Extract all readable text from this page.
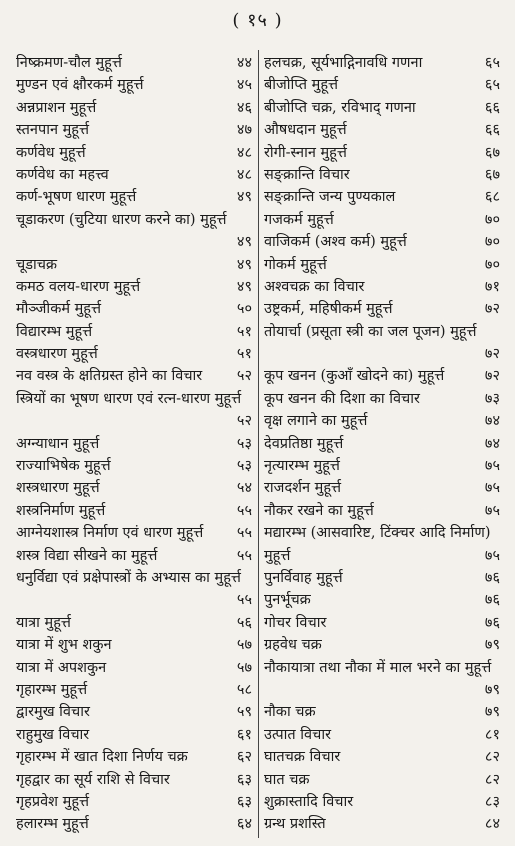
( १५ )
निष्क्रमण-चौल मुहूर्त्त	४४
मुण्डन एवं क्षौरकर्म मुहूर्त्त	४५
अन्नप्राशन मुहूर्त्त	४६
स्तनपान मुहूर्त्त	४७
कर्णवेध मुहूर्त्त	४८
कर्णवेध का महत्त्व	४८
कर्ण-भूषण धारण मुहूर्त्त	४९
चूडाकरण (चुटिया धारण करने का) मुहूर्त्त
४९
चूडाचक्र	४९
कमठ वलय-धारण मुहूर्त्त	४९
मौञ्जीकर्म मुहूर्त्त	५०
विद्यारम्भ मुहूर्त्त	५१
वस्त्रधारण मुहूर्त्त	५१
नव वस्त्र के क्षतिग्रस्त होने का विचार	५२
स्त्रियों का भूषण धारण एवं रत्न-धारण मुहूर्त्त
५२
अग्न्याधान मुहूर्त्त	५३
राज्याभिषेक मुहूर्त्त	५३
शस्त्रधारण मुहूर्त्त	५४
शस्त्रनिर्माण मुहूर्त्त	५५
आग्नेयशास्त्र निर्माण एवं धारण मुहूर्त्त	५५
शस्त्र विद्या सीखने का मुहूर्त्त	५५
धनुर्विद्या एवं प्रक्षेपास्त्रों के अभ्यास का मुहूर्त्त
५५
यात्रा मुहूर्त्त	५६
यात्रा में शुभ शकुन	५७
यात्रा में अपशकुन	५७
गृहारम्भ मुहूर्त्त	५८
द्वारमुख विचार	५९
राहुमुख विचार	६१
गृहारम्भ में खात दिशा निर्णय चक्र	६२
गृहद्वार का सूर्य राशि से विचार	६३
गृहप्रवेश मुहूर्त्त	६३
हलारम्भ मुहूर्त्त	६४
हलचक्र, सूर्यभाद्गिनावधि गणना	६५
बीजोप्ति मुहूर्त्त	६५
बीजोप्ति चक्र, रविभाद् गणना	६६
औषधदान मुहूर्त्त	६६
रोगी-स्नान मुहूर्त्त	६७
सङ्क्रान्ति विचार	६७
सङ्क्रान्ति जन्य पुण्यकाल	६८
गजकर्म मुहूर्त्त	७०
वाजिकर्म (अश्व कर्म) मुहूर्त्त	७०
गोकर्म मुहूर्त्त	७०
अश्वचक्र का विचार	७१
उष्ट्रकर्म, महिषीकर्म मुहूर्त्त	७२
तोयार्चा (प्रसूता स्त्री का जल पूजन) मुहूर्त्त
७२
कूप खनन (कुआँ खोदने का) मुहूर्त्त	७२
कूप खनन की दिशा का विचार	७३
वृक्ष लगाने का मुहूर्त्त	७४
देवप्रतिष्ठा मुहूर्त्त	७४
नृत्यारम्भ मुहूर्त्त	७५
राजदर्शन मुहूर्त्त	७५
नौकर रखने का मुहूर्त्त	७५
मद्यारम्भ (आसवारिष्ट, टिंक्चर आदि निर्माण) मुहूर्त्त	७५
पुनर्विवाह मुहूर्त्त	७६
पुनर्भूचक्र	७६
गोचर विचार	७६
ग्रहवेध चक्र	७९
नौकायात्रा तथा नौका में माल भरने का मुहूर्त्त
७९
नौका चक्र	७९
उत्पात विचार	८१
घातचक्र विचार	८२
घात चक्र	८२
शुक्रास्तादि विचार	८३
ग्रन्थ प्रशस्ति	८४
